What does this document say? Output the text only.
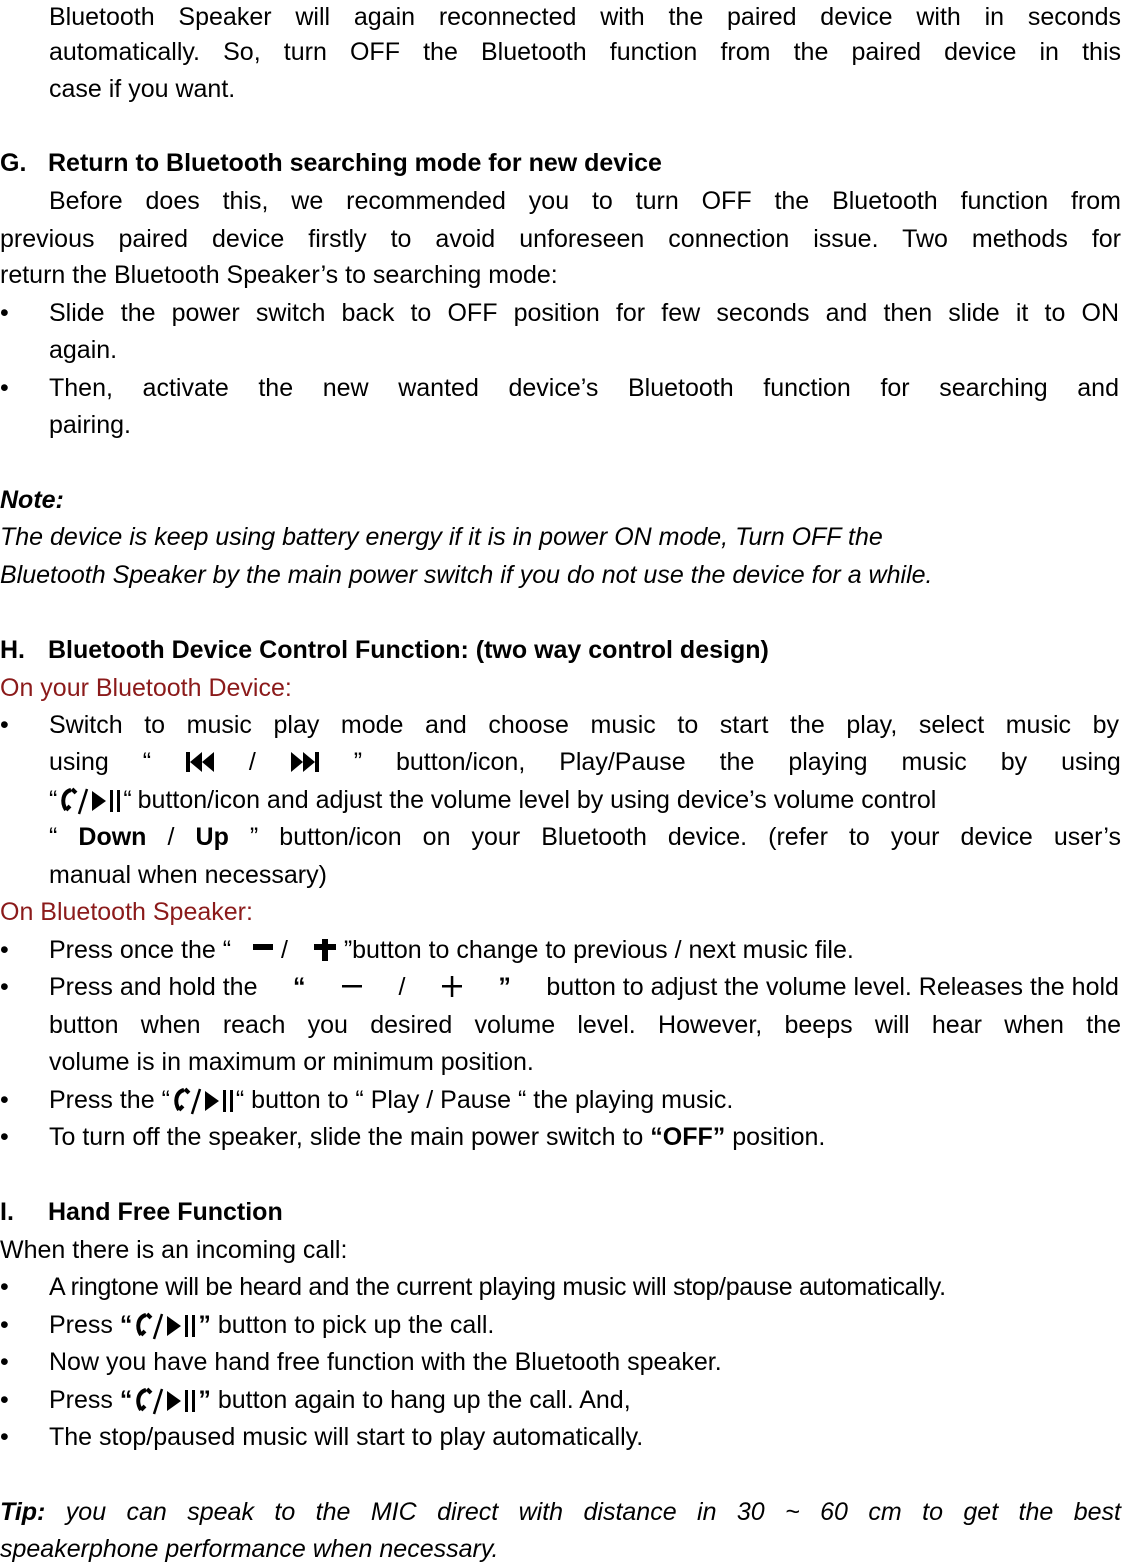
Bluetooth Speaker will again reconnected with the paired device with in seconds
automatically. So, turn OFF the Bluetooth function from the paired device in this
case if you want.
G. Return to Bluetooth searching mode for new device
Before does this, we recommended you to turn OFF the Bluetooth function from
previous paired device firstly to avoid unforeseen connection issue. Two methods for
return the Bluetooth Speaker’s to searching mode:
•	Slide the power switch back to OFF position for few seconds and then slide it to ON
again.
•	Then, activate the new wanted device’s Bluetooth function for searching and
pairing.
Note:
The device is keep using battery energy if it is in power ON mode, Turn OFF the
Bluetooth Speaker by the main power switch if you do not use the device for a while.
H. Bluetooth Device Control Function: (two way control design)
On your Bluetooth Device:
•	Switch to music play mode and choose music to start the play, select music by
using “	/	” button/icon, Play/Pause the playing music by using
“	“ button/icon and adjust the volume level by using device’s volume control
“ Down / Up ” button/icon on your Bluetooth device. (refer to your device user’s
manual when necessary)
On Bluetooth Speaker:
•	Press once the “ / ”button to change to previous / next music file.
•	Press and hold the “	/	” button to adjust the volume level. Releases the hold
button when reach you desired volume level. However, beeps will hear when the
volume is in maximum or minimum position.
•	Press the “	“ button to “ Play / Pause “ the playing music.
•	To turn off the speaker, slide the main power switch to “OFF” position.
I. Hand Free Function
When there is an incoming call:
•	A ringtone will be heard and the current playing music will stop/pause automatically.
•	Press “	” button to pick up the call.
•	Now you have hand free function with the Bluetooth speaker.
•	Press “	” button again to hang up the call. And,
•	The stop/paused music will start to play automatically.
Tip: you can speak to the MIC direct with distance in 30 ~ 60 cm to get the best
speakerphone performance when necessary.
